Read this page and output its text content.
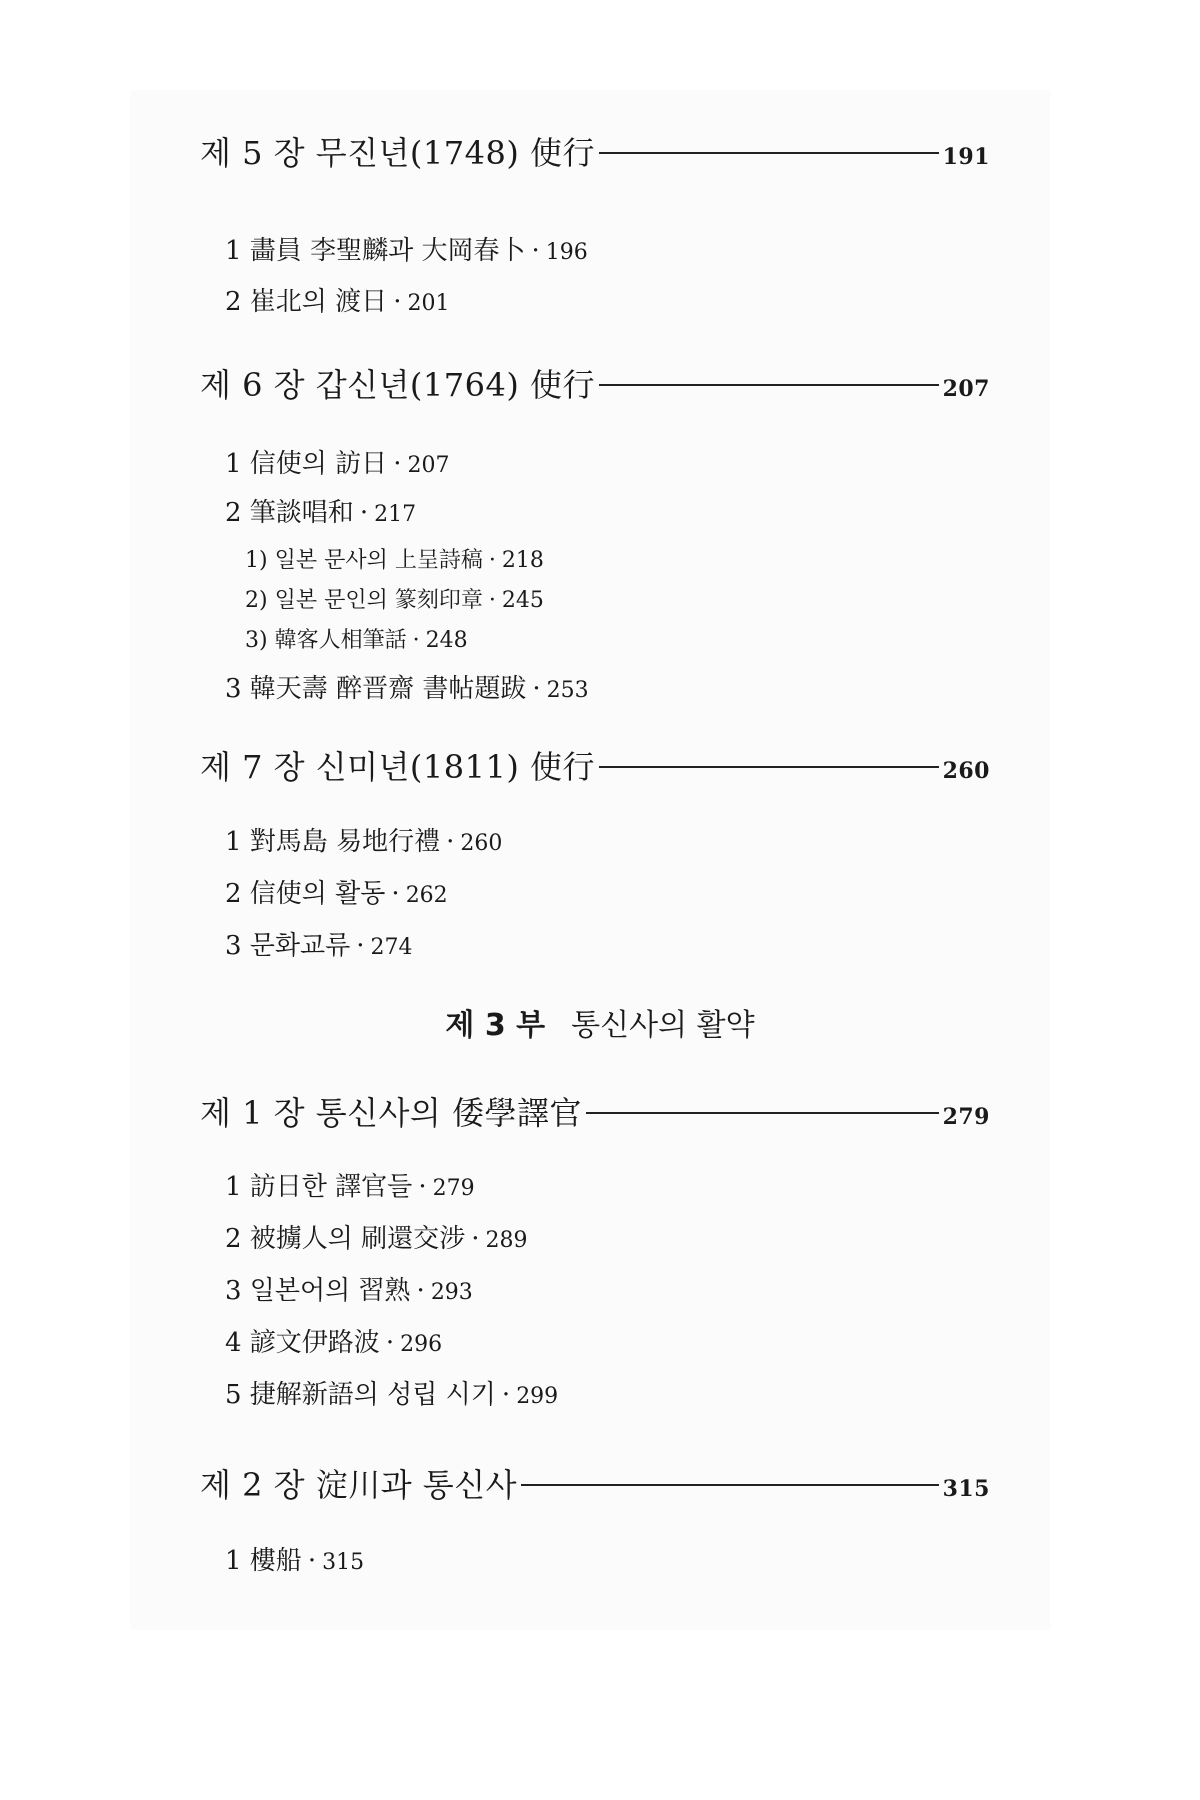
제 5 장 무진년(1748) 使行	191
1 畵員 李聖麟과 大岡春卜 · 196
2 崔北의 渡日 · 201
제 6 장 갑신년(1764) 使行	207
1 信使의 訪日 · 207
2 筆談唱和 · 217
1) 일본 문사의 上呈詩稿 · 218
2) 일본 문인의 篆刻印章 · 245
3) 韓客人相筆話 · 248
3 韓天壽 醉晋齋 書帖題跋 · 253
제 7 장 신미년(1811) 使行	260
1 對馬島 易地行禮 · 260
2 信使의 활동 · 262
3 문화교류 · 274
제 3 부 통신사의 활약
제 1 장 통신사의 倭學譯官	279
1 訪日한 譯官들 · 279
2 被擄人의 刷還交涉 · 289
3 일본어의 習熟 · 293
4 諺文伊路波 · 296
5 捷解新語의 성립 시기 · 299
제 2 장 淀川과 통신사	315
1 樓船 · 315
